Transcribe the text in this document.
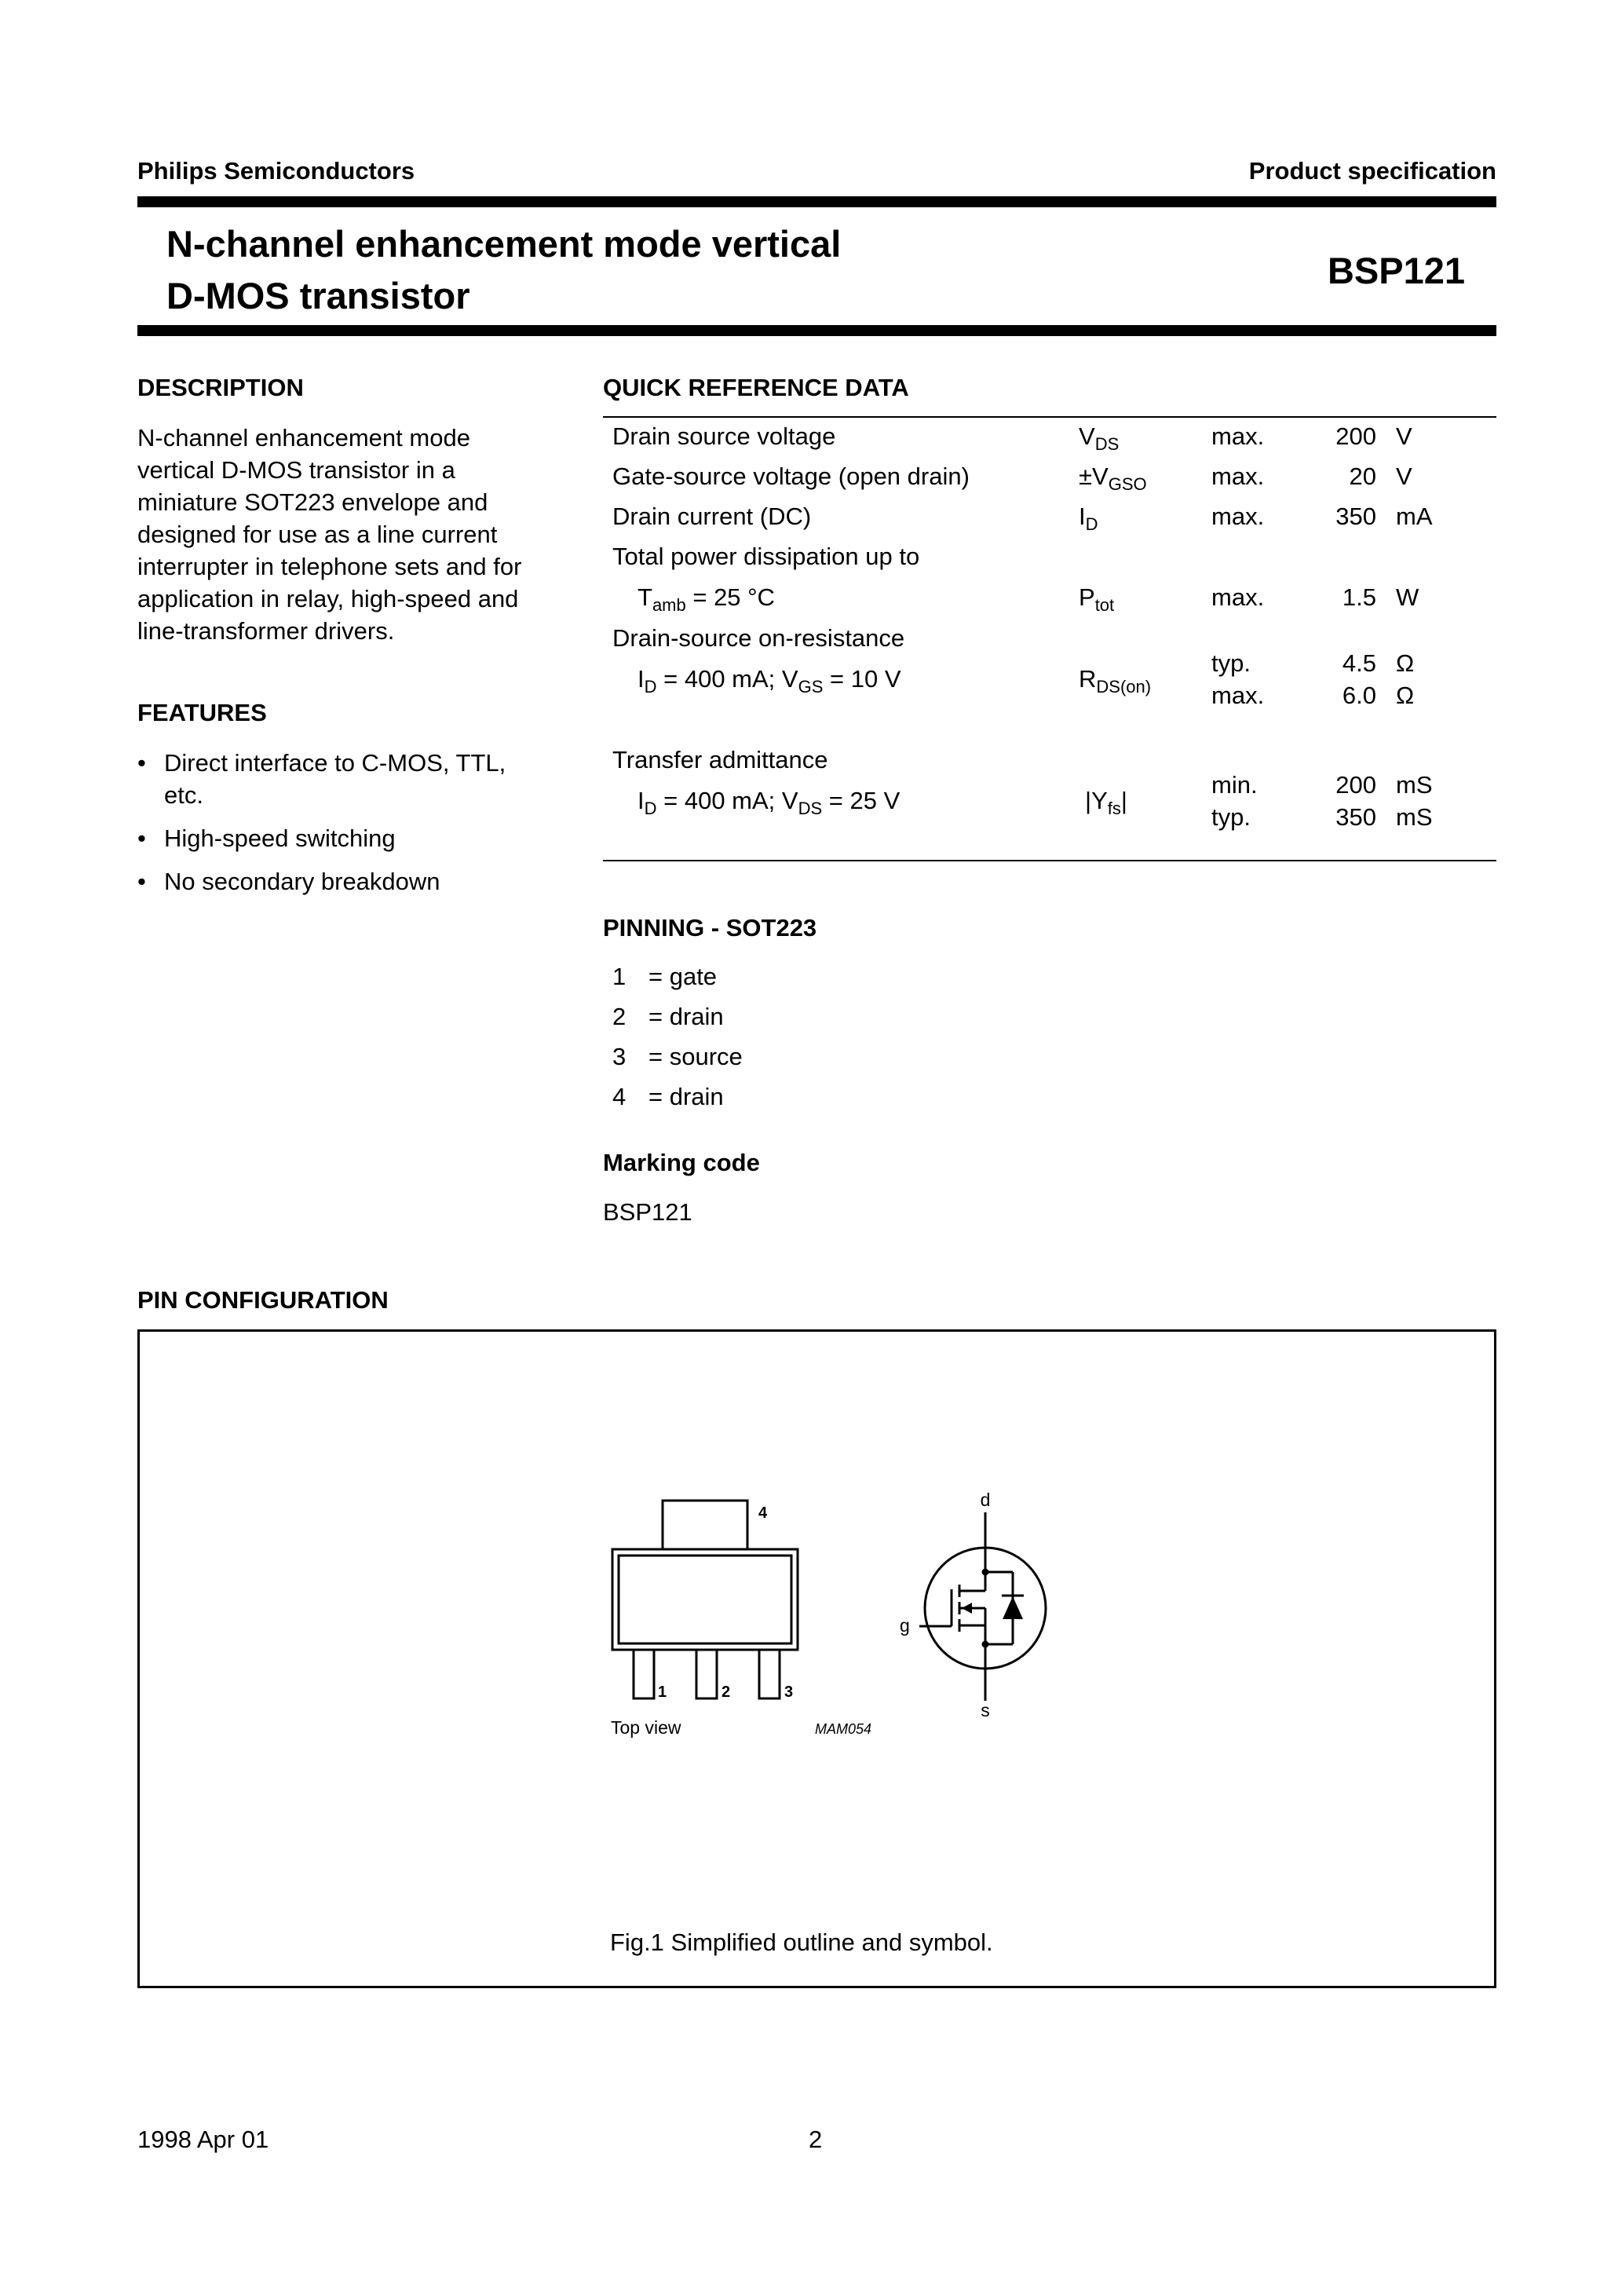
Philips Semiconductors	Product specification
N-channel enhancement mode vertical
D-MOS transistor
BSP121
DESCRIPTION
N-channel enhancement mode
vertical D-MOS transistor in a
miniature SOT223 envelope and
designed for use as a line current
interrupter in telephone sets and for
application in relay, high-speed and
line-transformer drivers.
FEATURES
• Direct interface to C-MOS, TTL,
etc.
• High-speed switching
• No secondary breakdown
QUICK REFERENCE DATA
Drain source voltage	$V_{DS}$	max.	200 V
Gate-source voltage (open drain)	$\pm V_{GSO}$	max.	20 V
Drain current (DC)	$I_D$	max.	350 mA
Total power dissipation up to
$T_{amb} = 25$ °C	$P_{tot}$	max.	1.5 W
Drain-source on-resistance
$I_D = 400$ mA; $V_{GS} = 10$ V	$R_{DS(on)}$
typ.	4.5 Ω
max.	6.0 Ω
Transfer admittance
$I_D = 400$ mA; $V_{DS} = 25$ V	$|Y_{fs}|$
min.	200 mS
typ.	350 mS
PINNING - SOT223
1 = gate
2 = drain
3 = source
4 = drain
Marking code
BSP121
PIN CONFIGURATION
4
1	2	3
Top view	MAM054
d
g
s
Fig.1 Simplified outline and symbol.
1998 Apr 01	2
